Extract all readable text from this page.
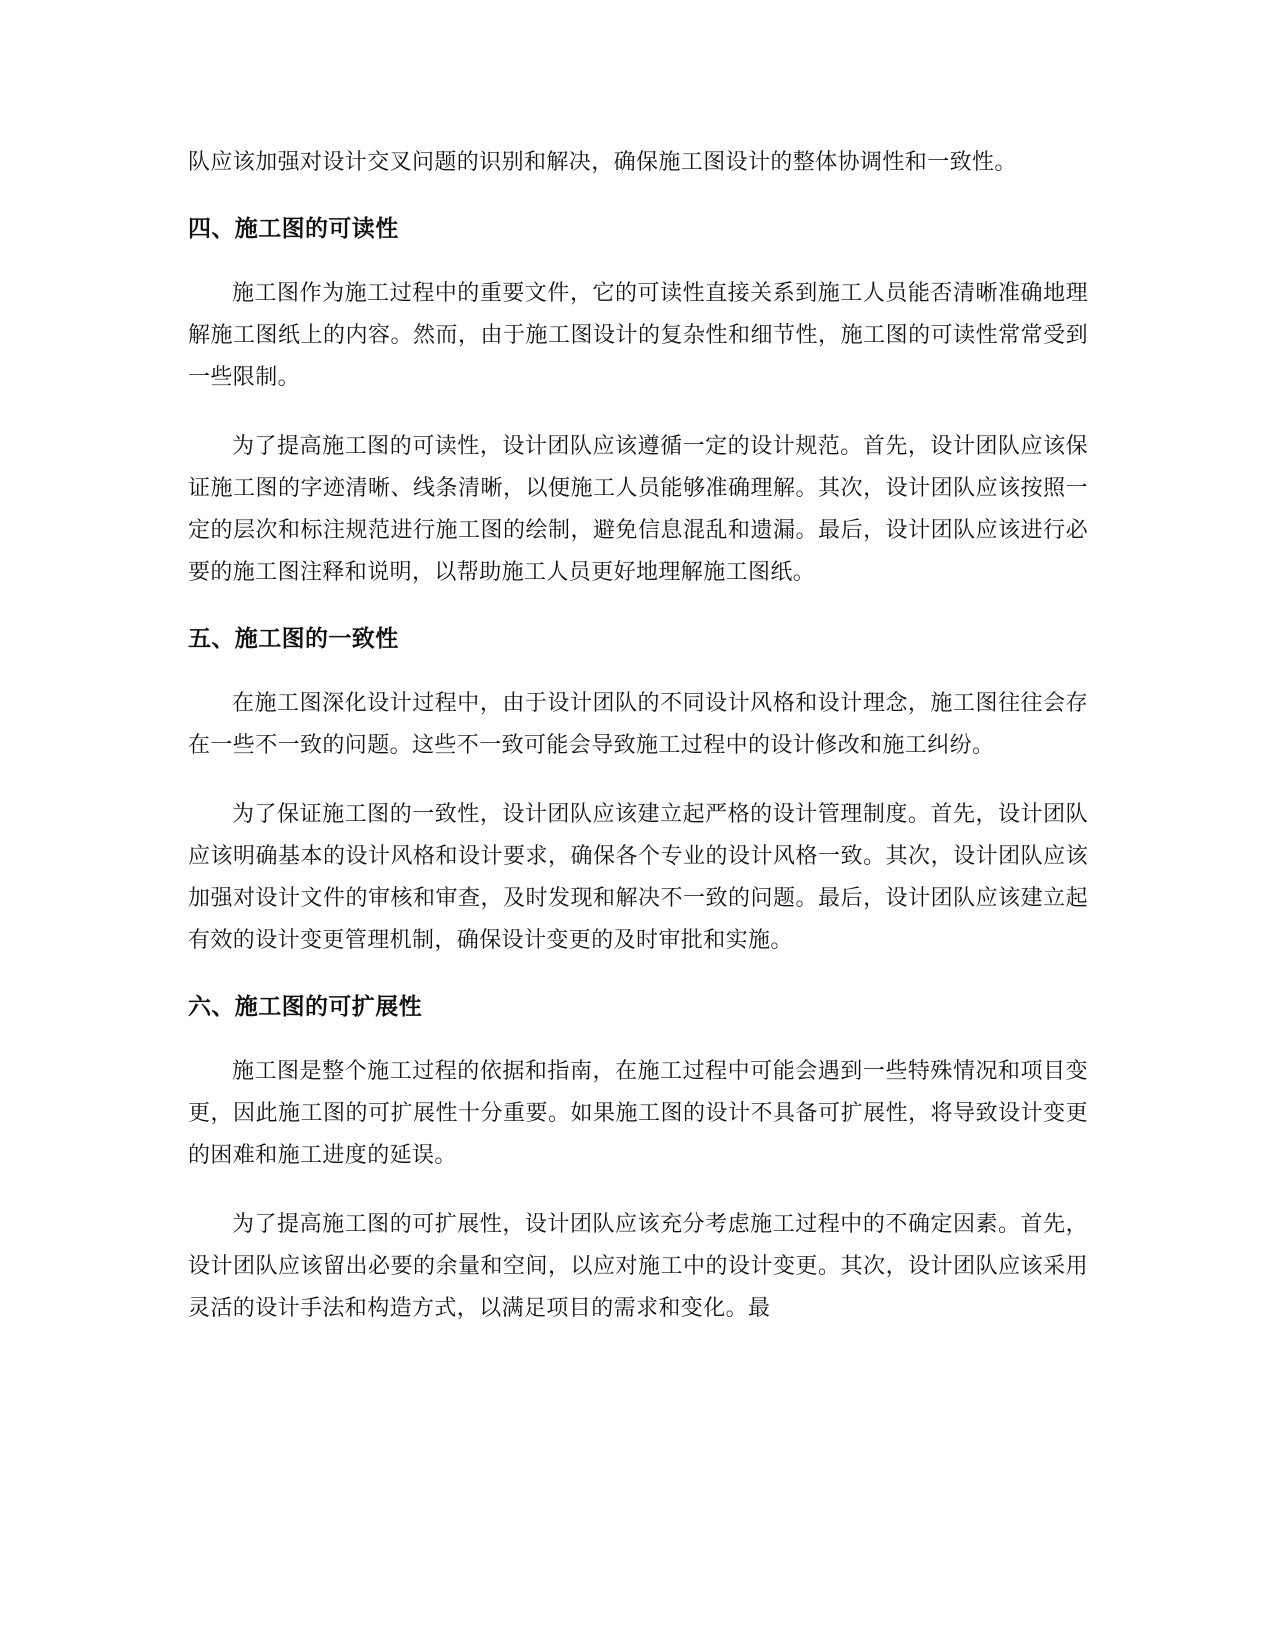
队应该加强对设计交叉问题的识别和解决，确保施工图设计的整体协调性和一致性。

四、施工图的可读性

施工图作为施工过程中的重要文件，它的可读性直接关系到施工人员能否清晰准确地理解施工图纸上的内容。然而，由于施工图设计的复杂性和细节性，施工图的可读性常常受到一些限制。

为了提高施工图的可读性，设计团队应该遵循一定的设计规范。首先，设计团队应该保证施工图的字迹清晰、线条清晰，以便施工人员能够准确理解。其次，设计团队应该按照一定的层次和标注规范进行施工图的绘制，避免信息混乱和遗漏。最后，设计团队应该进行必要的施工图注释和说明，以帮助施工人员更好地理解施工图纸。

五、施工图的一致性

在施工图深化设计过程中，由于设计团队的不同设计风格和设计理念，施工图往往会存在一些不一致的问题。这些不一致可能会导致施工过程中的设计修改和施工纠纷。

为了保证施工图的一致性，设计团队应该建立起严格的设计管理制度。首先，设计团队应该明确基本的设计风格和设计要求，确保各个专业的设计风格一致。其次，设计团队应该加强对设计文件的审核和审查，及时发现和解决不一致的问题。最后，设计团队应该建立起有效的设计变更管理机制，确保设计变更的及时审批和实施。

六、施工图的可扩展性

施工图是整个施工过程的依据和指南，在施工过程中可能会遇到一些特殊情况和项目变更，因此施工图的可扩展性十分重要。如果施工图的设计不具备可扩展性，将导致设计变更的困难和施工进度的延误。

为了提高施工图的可扩展性，设计团队应该充分考虑施工过程中的不确定因素。首先，设计团队应该留出必要的余量和空间，以应对施工中的设计变更。其次，设计团队应该采用灵活的设计手法和构造方式，以满足项目的需求和变化。最
